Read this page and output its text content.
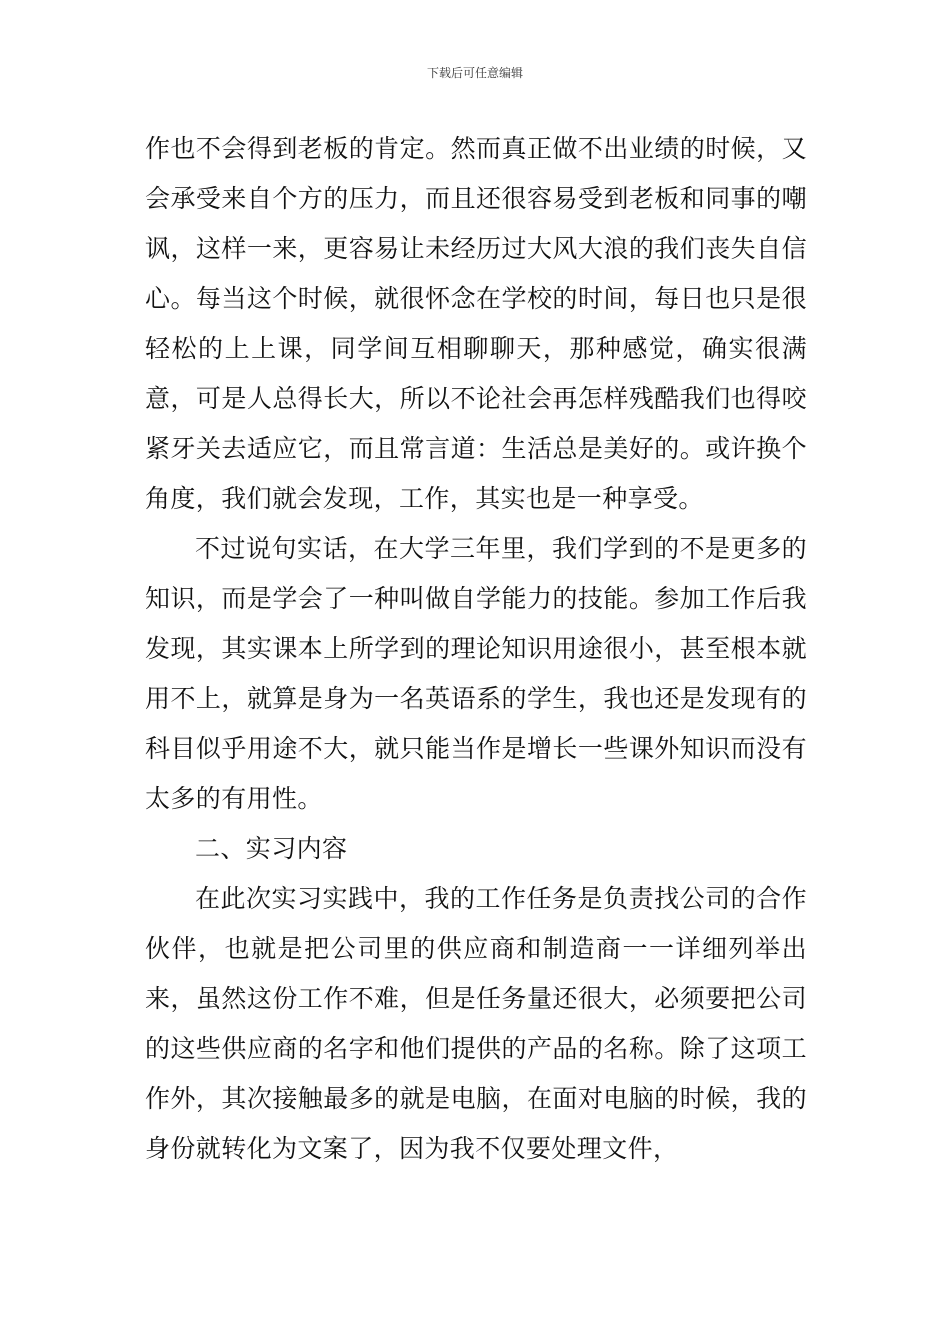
下载后可任意编辑

作也不会得到老板的肯定。然而真正做不出业绩的时候，又会承受来自个方的压力，而且还很容易受到老板和同事的嘲讽，这样一来，更容易让未经历过大风大浪的我们丧失自信心。每当这个时候，就很怀念在学校的时间，每日也只是很轻松的上上课，同学间互相聊聊天，那种感觉，确实很满意，可是人总得长大，所以不论社会再怎样残酷我们也得咬紧牙关去适应它，而且常言道：生活总是美好的。或许换个角度，我们就会发现，工作，其实也是一种享受。

不过说句实话，在大学三年里，我们学到的不是更多的知识，而是学会了一种叫做自学能力的技能。参加工作后我发现，其实课本上所学到的理论知识用途很小，甚至根本就用不上，就算是身为一名英语系的学生，我也还是发现有的科目似乎用途不大，就只能当作是增长一些课外知识而没有太多的有用性。

二、实习内容

在此次实习实践中，我的工作任务是负责找公司的合作伙伴，也就是把公司里的供应商和制造商一一详细列举出来，虽然这份工作不难，但是任务量还很大，必须要把公司的这些供应商的名字和他们提供的产品的名称。除了这项工作外，其次接触最多的就是电脑，在面对电脑的时候，我的身份就转化为文案了，因为我不仅要处理文件，
